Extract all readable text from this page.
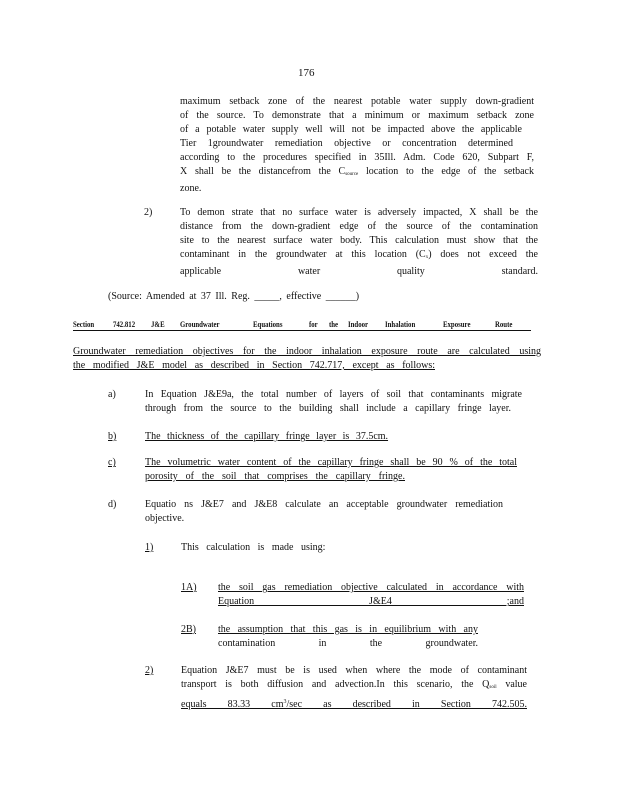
176
maximum setback zone of the nearest potable water supply down-gradient
of the source. To demonstrate that a minimum or maximum setback zone
of a potable water supply well will not be impacted above the applicable
Tier 1groundwater remediation objective or concentration determined
according to the procedures specified in 35Ill. Adm. Code 620, Subpart F,
X shall be the distancefrom the $C_{source}$ location to the edge of the setback
zone.
2)	To demon strate that no surface water is adversely impacted, X shall be the
distance from the down-gradient edge of the source of the contamination
site to the nearest surface water body. This calculation must show that the
contaminant in the groundwater at this location $(C_x)$ does not exceed the
applicable water quality standard.
(Source: Amended at 37 Ill. Reg. _____, effective ______)
Section 742.812 J&E Groundwater	Equations	for the Indoor Inhalation	Exposure	Route
Groundwater remediation objectives for the indoor inhalation exposure route are calculated using
the modified J&E model as described in Section 742.717, except as follows:
a)	In Equation J&E9a, the total number of layers of soil that contaminants migrate
through from the source to the building shall include a capillary fringe layer.
b)	The thickness of the capillary fringe layer is 37.5cm.
c)	The volumetric water content of the capillary fringe shall be 90 % of the total
porosity of the soil that comprises the capillary fringe.
d)	Equatio ns J&E7 and J&E8 calculate an acceptable groundwater remediation
objective.
1)	This calculation is made using:
1A) the soil gas remediation objective calculated in accordance with
Equation J&E4 ;and
2B) the assumption that this gas is in equilibrium with any
contamination in the groundwater.
2)	Equation J&E7 must be is used when where the mode of contaminant
transport is both diffusion and advection.In this scenario, the $Q_{soil}$ value
equals 83.33 $cm^3/\sec$ as described in Section 742.505.
